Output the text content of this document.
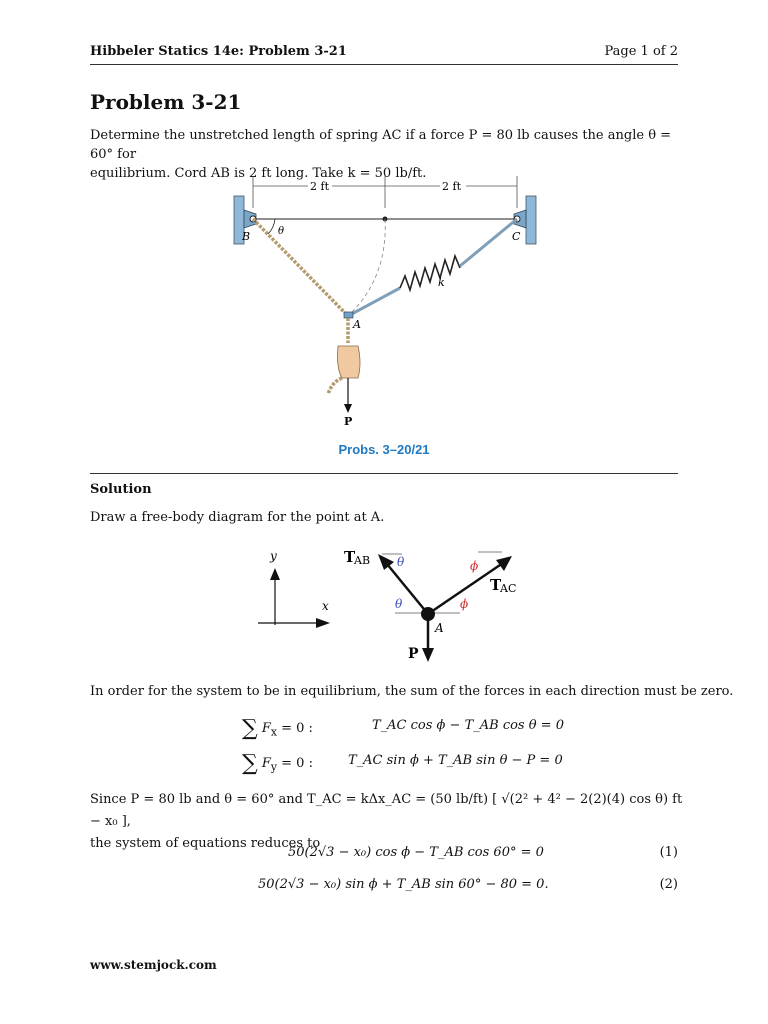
Hibbeler Statics 14e: Problem 3-21	Page 1 of 2
Problem 3-21
Determine the unstretched length of spring AC if a force P = 80 lb causes the angle θ = 60° for
equilibrium. Cord AB is 2 ft long. Take k = 50 lb/ft.
2 ft	2 ft
θ
B	C
k
A
P
Probs. 3–20/21
Solution
Draw a free-body diagram for the point at A.
y
x
T
AB θ
θ
ϕ
ϕ
T
AC
A
P
In order for the system to be in equilibrium, the sum of the forces in each direction must be zero.
∑ $F_x = 0$ :	T_AC cos ϕ − T_AB cos θ = 0
∑ $F_y = 0$ :	T_AC sin ϕ + T_AB sin θ − P = 0
Since P = 80 lb and θ = 60° and T_AC = kΔx_AC = (50 lb/ft) [ √(2² + 4² − 2(2)(4) cos θ) ft − x₀ ],
the system of equations reduces to
50(2√3 − x₀) cos ϕ − T_AB cos 60° = 0	(1)
50(2√3 − x₀) sin ϕ + T_AB sin 60° − 80 = 0.	(2)
www.stemjock.com
